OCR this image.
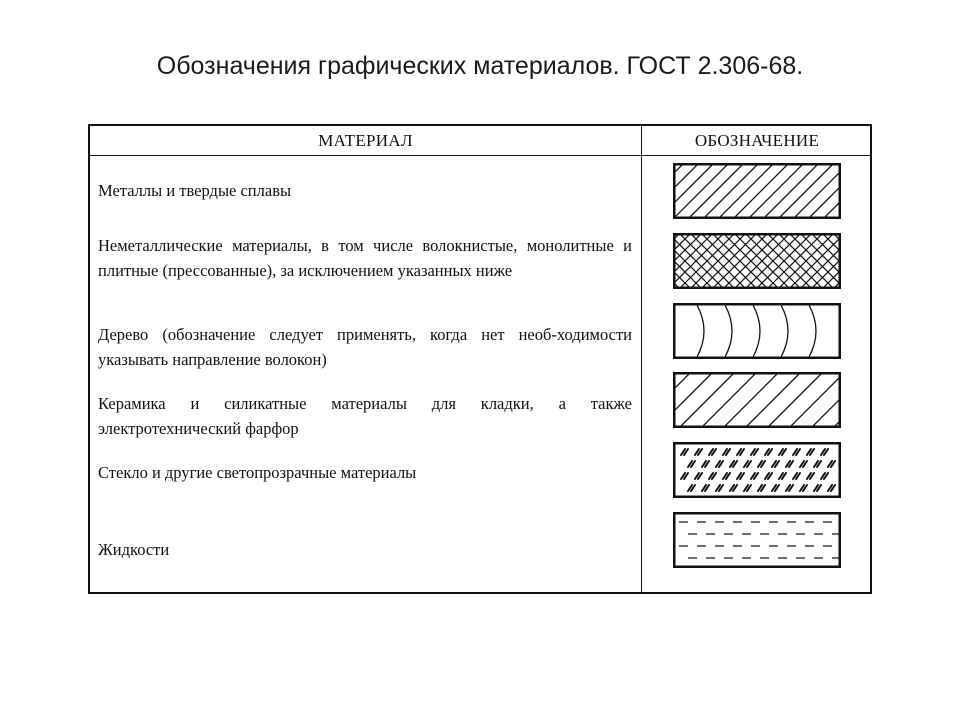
Обозначения графических материалов. ГОСТ 2.306-68.
МАТЕРИАЛ	ОБОЗНАЧЕНИЕ
Металлы и твердые сплавы
Неметаллические материалы, в том числе волокнистые, монолитные и плитные (прессованные), за исключением указанных ниже
Дерево (обозначение следует применять, когда нет необ-ходимости указывать направление волокон)
Керамика и силикатные материалы для кладки, а также электротехнический фарфор
Стекло и другие светопрозрачные материалы
Жидкости
